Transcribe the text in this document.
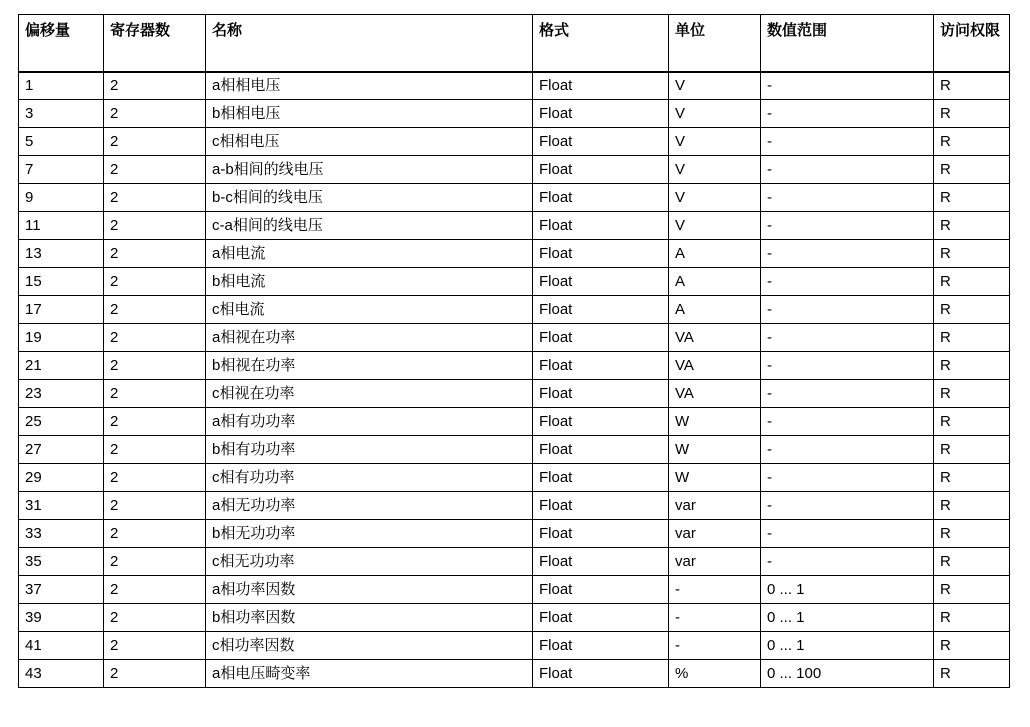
偏移量	寄存器数	名称	格式	单位	数值范围	访问权限
1	2	a相相电压	Float	V	-	R
3	2	b相相电压	Float	V	-	R
5	2	c相相电压	Float	V	-	R
7	2	a-b相间的线电压	Float	V	-	R
9	2	b-c相间的线电压	Float	V	-	R
11	2	c-a相间的线电压	Float	V	-	R
13	2	a相电流	Float	A	-	R
15	2	b相电流	Float	A	-	R
17	2	c相电流	Float	A	-	R
19	2	a相视在功率	Float	VA	-	R
21	2	b相视在功率	Float	VA	-	R
23	2	c相视在功率	Float	VA	-	R
25	2	a相有功功率	Float	W	-	R
27	2	b相有功功率	Float	W	-	R
29	2	c相有功功率	Float	W	-	R
31	2	a相无功功率	Float	var	-	R
33	2	b相无功功率	Float	var	-	R
35	2	c相无功功率	Float	var	-	R
37	2	a相功率因数	Float	-	0 ... 1	R
39	2	b相功率因数	Float	-	0 ... 1	R
41	2	c相功率因数	Float	-	0 ... 1	R
43	2	a相电压畸变率	Float	%	0 ... 100	R
